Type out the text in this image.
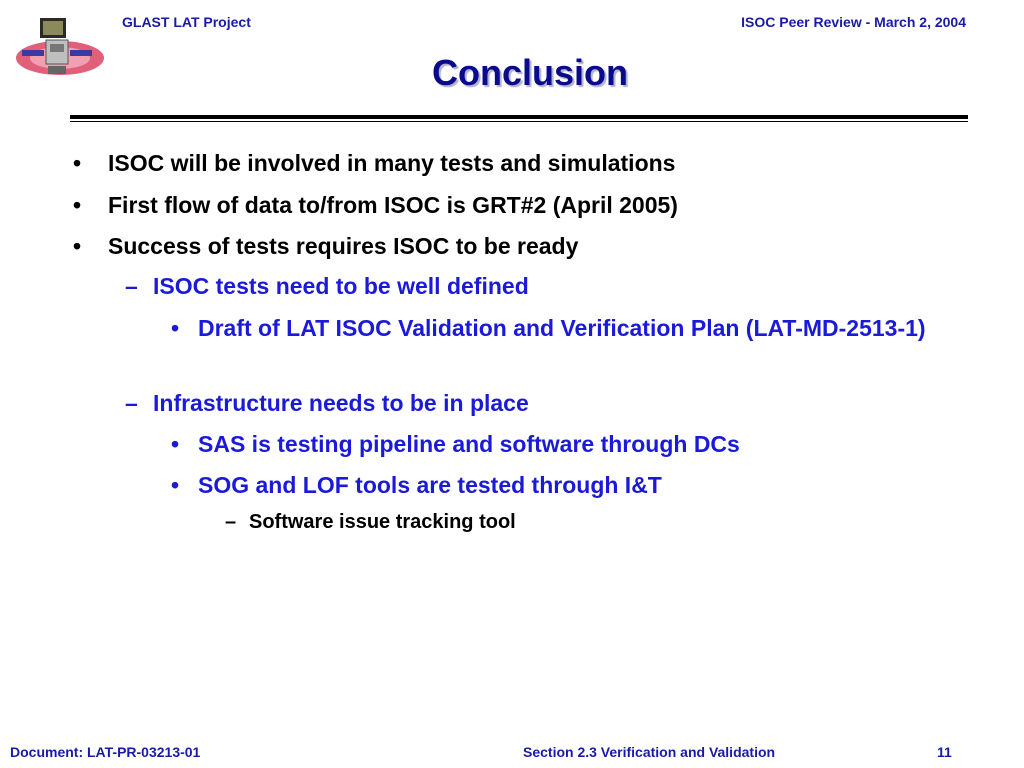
GLAST LAT Project	ISOC Peer Review - March 2, 2004
Conclusion
• ISOC will be involved in many tests and simulations
• First flow of data to/from ISOC is GRT#2 (April 2005)
• Success of tests requires ISOC to be ready
– ISOC tests need to be well defined
• Draft of LAT ISOC Validation and Verification Plan (LAT-MD-2513-1)
– Infrastructure needs to be in place
• SAS is testing pipeline and software through DCs
• SOG and LOF tools are tested through I&T
– Software issue tracking tool
Document: LAT-PR-03213-01	Section 2.3 Verification and Validation	11
